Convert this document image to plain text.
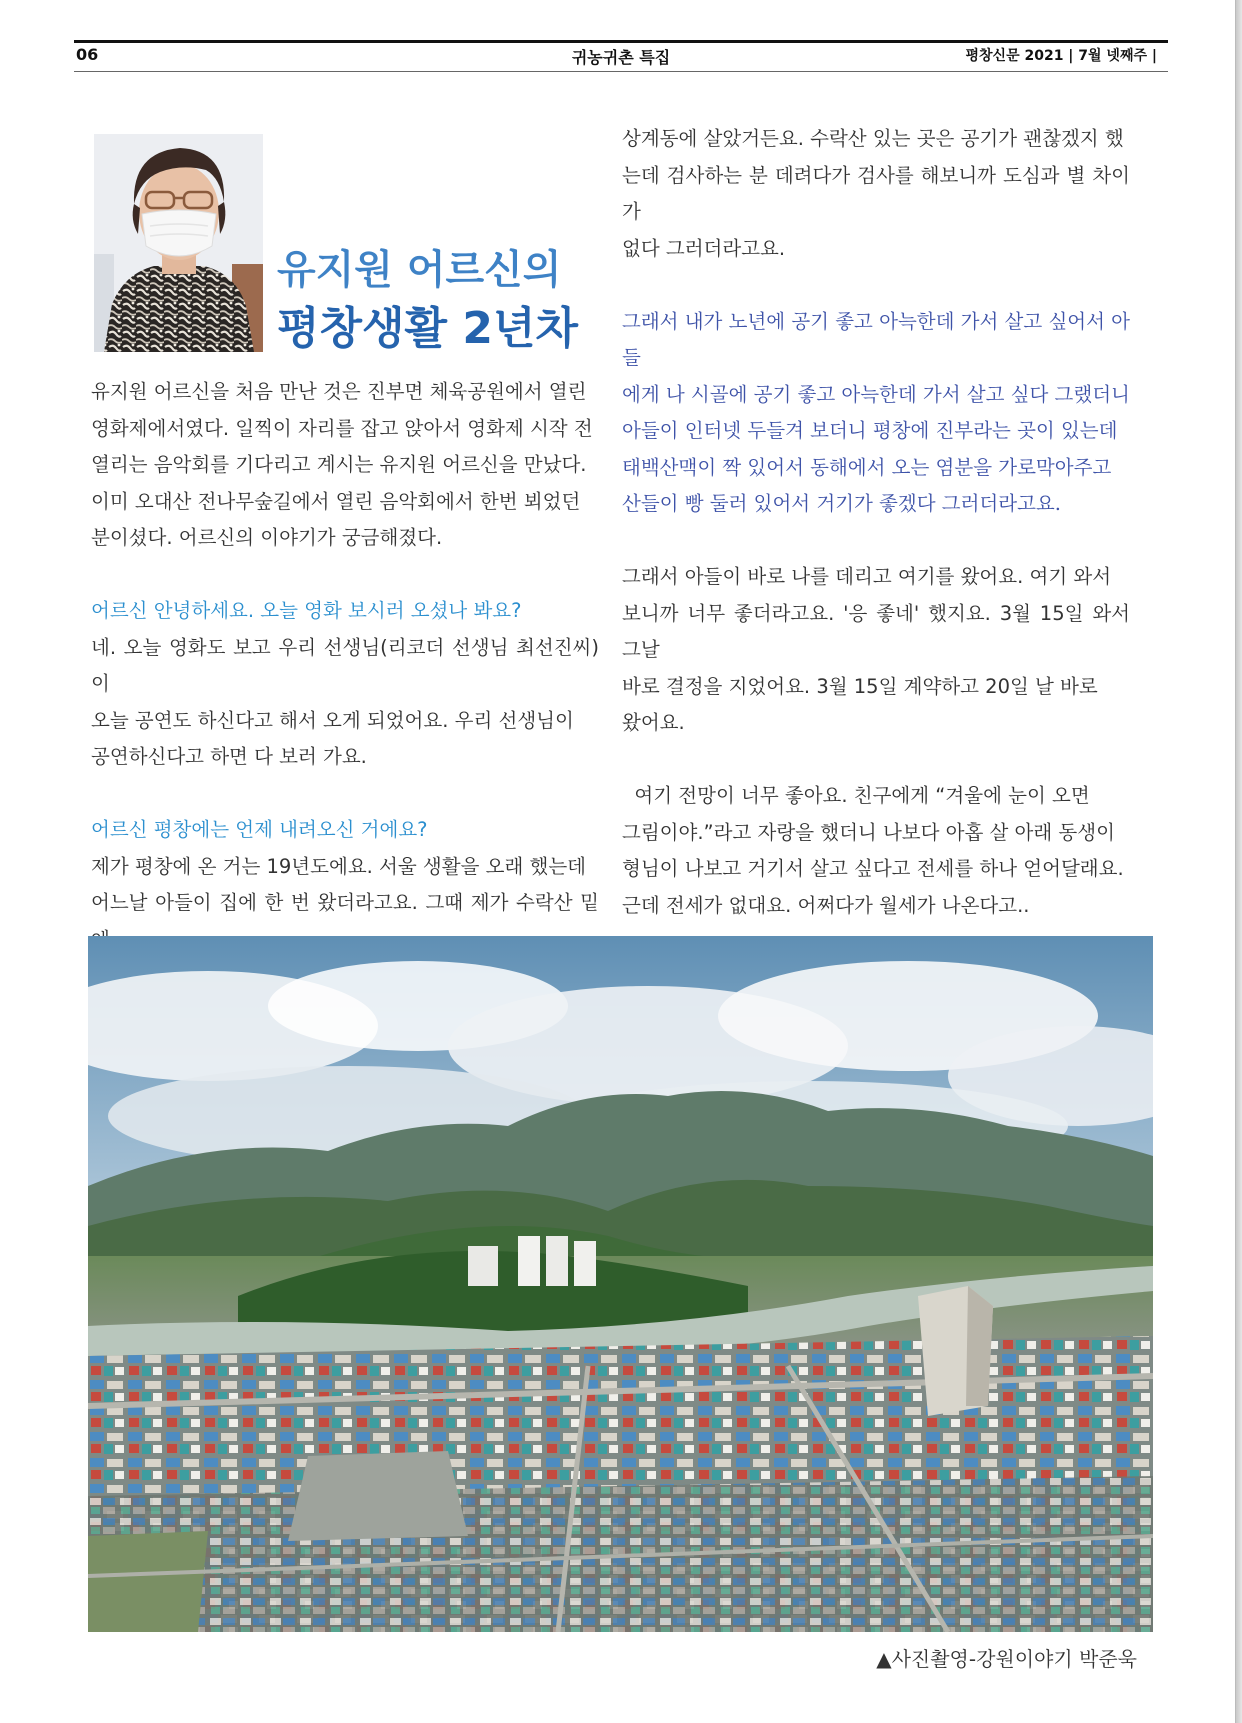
06	귀농귀촌 특집	평창신문 2021 | 7월 넷째주 |
유지원 어르신의
평창생활 2년차

유지원 어르신을 처음 만난 것은 진부면 체육공원에서 열린

영화제에서였다. 일찍이 자리를 잡고 앉아서 영화제 시작 전

열리는 음악회를 기다리고 계시는 유지원 어르신을 만났다.

이미 오대산 전나무숲길에서 열린 음악회에서 한번 뵈었던

분이셨다. 어르신의 이야기가 궁금해졌다.

어르신 안녕하세요. 오늘 영화 보시러 오셨나 봐요?

네. 오늘 영화도 보고 우리 선생님(리코더 선생님 최선진씨)이

오늘 공연도 하신다고 해서 오게 되었어요. 우리 선생님이

공연하신다고 하면 다 보러 가요.

어르신 평창에는 언제 내려오신 거에요?

제가 평창에 온 거는 19년도에요. 서울 생활을 오래 했는데

어느날 아들이 집에 한 번 왔더라고요. 그때 제가 수락산 밑

상계동에 살았거든요. 수락산 있는 곳은 공기가 괜찮겠지 했

는데 검사하는 분 데려다가 검사를 해보니까 도심과 별 차이가

없다 그러더라고요.

그래서 내가 노년에 공기 좋고 아늑한데 가서 살고 싶어서 아들

에게 나 시골에 공기 좋고 아늑한데 가서 살고 싶다 그랬더니

아들이 인터넷 두들겨 보더니 평창에 진부라는 곳이 있는데

태백산맥이 짝 있어서 동해에서 오는 염분을 가로막아주고

산들이 빵 둘러 있어서 거기가 좋겠다 그러더라고요.

그래서 아들이 바로 나를 데리고 여기를 왔어요. 여기 와서

보니까 너무 좋더라고요. '응 좋네' 했지요. 3월 15일 와서 그날

바로 결정을 지었어요. 3월 15일 계약하고 20일 날 바로

왔어요.

여기 전망이 너무 좋아요. 친구에게 “겨울에 눈이 오면

그림이야.”라고 자랑을 했더니 나보다 아홉 살 아래 동생이

형님이 나보고 거기서 살고 싶다고 전세를 하나 얻어달래요.

근데 전세가 없대요. 어쩌다가 월세가 나온다고..

▲사진촬영-강원이야기 박준욱
